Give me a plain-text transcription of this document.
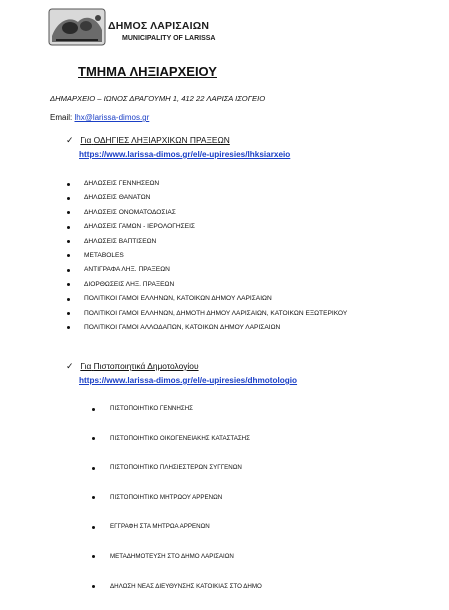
ΔΗΜΟΣ ΛΑΡΙΣΑΙΩΝ
MUNICIPALITY OF LARISSA
ΤΜΗΜΑ ΛΗΞΙΑΡΧΕΙΟΥ
ΔΗΜΑΡΧΕΙΟ – ΙΩΝΟΣ ΔΡΑΓΟΥΜΗ 1, 412 22 ΛΑΡΙΣΑ ΙΣΟΓΕΙΟ
Email: lhx@larissa-dimos.gr
✓ Για ΟΔΗΓΙΕΣ ΛΗΞΙΑΡΧΙΚΩΝ ΠΡΑΞΕΩΝ
https://www.larissa-dimos.gr/el/e-upiresies/lhksiarxeio
ΔΗΛΩΣΕΙΣ ΓΕΝΝΗΣΕΩΝ
ΔΗΛΩΣΕΙΣ ΘΑΝΑΤΩΝ
ΔΗΛΩΣΕΙΣ ΟΝΟΜΑΤΟΔΟΣΙΑΣ
ΔΗΛΩΣΕΙΣ ΓΑΜΩΝ - ΙΕΡΟΛΟΓΗΣΕΙΣ
ΔΗΛΩΣΕΙΣ ΒΑΠΤΙΣΕΩΝ
METABOLES
ΑΝΤΙΓΡΑΦΑ ΛΗΞ. ΠΡΑΞΕΩΝ
ΔΙΟΡΘΩΣΕΙΣ ΛΗΞ. ΠΡΑΞΕΩΝ
ΠΟΛΙΤΙΚΟΙ ΓΑΜΟΙ ΕΛΛΗΝΩΝ, ΚΑΤΟΙΚΩΝ ΔΗΜΟΥ ΛΑΡΙΣΑΙΩΝ
ΠΟΛΙΤΙΚΟΙ ΓΑΜΟΙ ΕΛΛΗΝΩΝ, ΔΗΜΟΤΗ ΔΗΜΟΥ ΛΑΡΙΣΑΙΩΝ, ΚΑΤΟΙΚΩΝ ΕΞΩΤΕΡΙΚΟΥ
ΠΟΛΙΤΙΚΟΙ ΓΑΜΟΙ ΑΛΛΟΔΑΠΩΝ, ΚΑΤΟΙΚΩΝ ΔΗΜΟΥ ΛΑΡΙΣΑΙΩΝ
✓ Για Πιστοποιητικά Δημοτολογίου
https://www.larissa-dimos.gr/el/e-upiresies/dhmotologio
ΠΙΣΤΟΠΟΙΗΤΙΚΟ ΓΕΝΝΗΣΗΣ
ΠΙΣΤΟΠΟΙΗΤΙΚΟ ΟΙΚΟΓΕΝΕΙΑΚΗΣ ΚΑΤΑΣΤΑΣΗΣ
ΠΙΣΤΟΠΟΙΗΤΙΚΟ ΠΛΗΣΙΕΣΤΕΡΩΝ ΣΥΓΓΕΝΩΝ
ΠΙΣΤΟΠΟΙΗΤΙΚΟ ΜΗΤΡΩΟΥ ΑΡΡΕΝΩΝ
ΕΓΓΡΑΦΗ ΣΤΑ ΜΗΤΡΩΑ ΑΡΡΕΝΩΝ
ΜΕΤΑΔΗΜΟΤΕΥΣΗ ΣΤΟ ΔΗΜΟ ΛΑΡΙΣΑΙΩΝ
ΔΗΛΩΣΗ ΝΕΑΣ ΔΙΕΥΘΥΝΣΗΣ ΚΑΤΟΙΚΙΑΣ ΣΤΟ ΔΗΜΟ
